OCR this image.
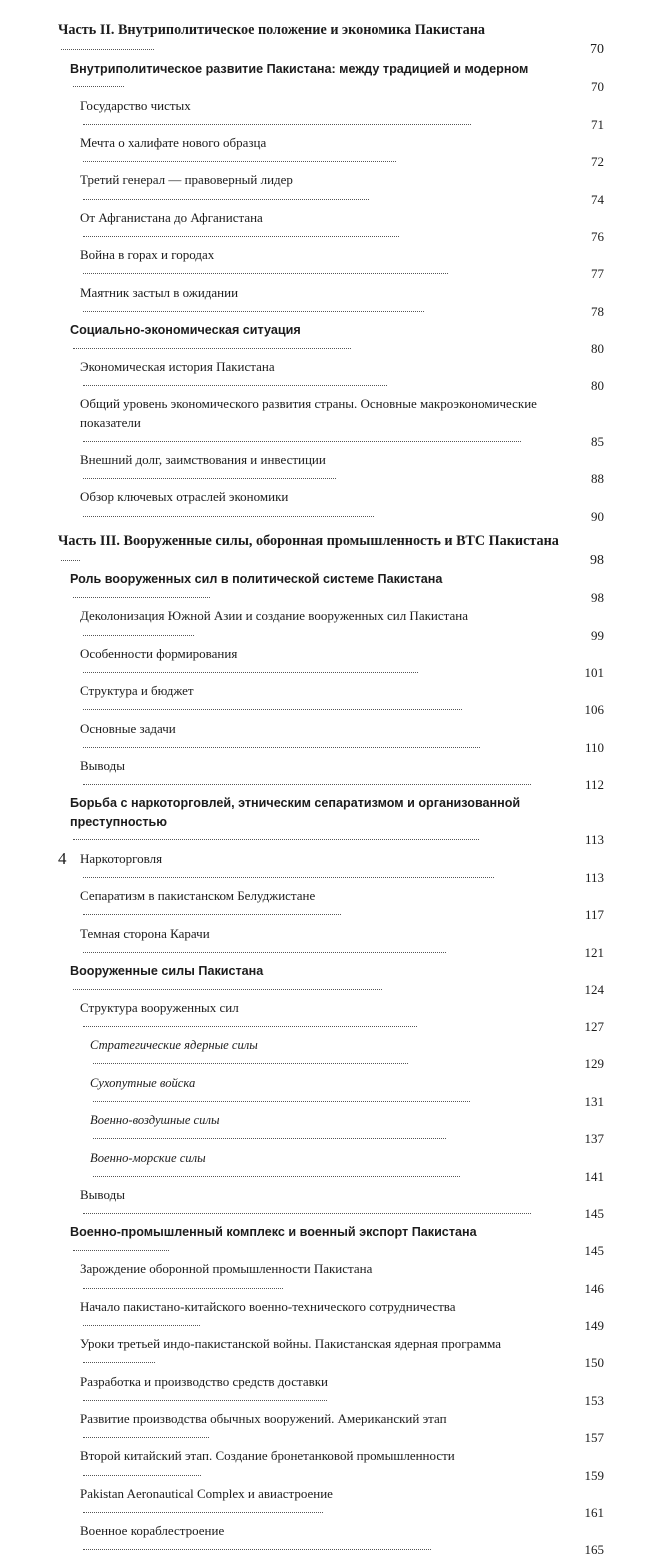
Часть II. Внутриполитическое положение и экономика Пакистана
70
Внутриполитическое развитие Пакистана: между традицией и модерном
70
Государство чистых
71
Мечта о халифате нового образца
72
Третий генерал — правоверный лидер
74
От Афганистана до Афганистана
76
Война в горах и городах
77
Маятник застыл в ожидании
78
Социально-экономическая ситуация
80
Экономическая история Пакистана
80
Общий уровень экономического развития страны. Основные макроэкономические показатели
85
Внешний долг, заимствования и инвестиции
88
Обзор ключевых отраслей экономики
90
Часть III. Вооруженные силы, оборонная промышленность и ВТС Пакистана
98
Роль вооруженных сил в политической системе Пакистана
98
Деколонизация Южной Азии и создание вооруженных сил Пакистана
99
Особенности формирования
101
Структура и бюджет
106
Основные задачи
110
Выводы
112
Борьба с наркоторговлей, этническим сепаратизмом и организованной преступностью
113
Наркоторговля
113
Сепаратизм в пакистанском Белуджистане
117
Темная сторона Карачи
121
Вооруженные силы Пакистана
124
Структура вооруженных сил
127
Стратегические ядерные силы
129
Сухопутные войска
131
Военно-воздушные силы
137
Военно-морские силы
141
Выводы
145
Военно-промышленный комплекс и военный экспорт Пакистана
145
Зарождение оборонной промышленности Пакистана
146
Начало пакистано-китайского военно-технического сотрудничества
149
Уроки третьей индо-пакистанской войны. Пакистанская ядерная программа
150
Разработка и производство средств доставки
153
Развитие производства обычных вооружений. Американский этап
157
Второй китайский этап. Создание бронетанковой промышленности
159
Pakistan Aeronautical Complex и авиастроение
161
Военное кораблестроение
165
4
